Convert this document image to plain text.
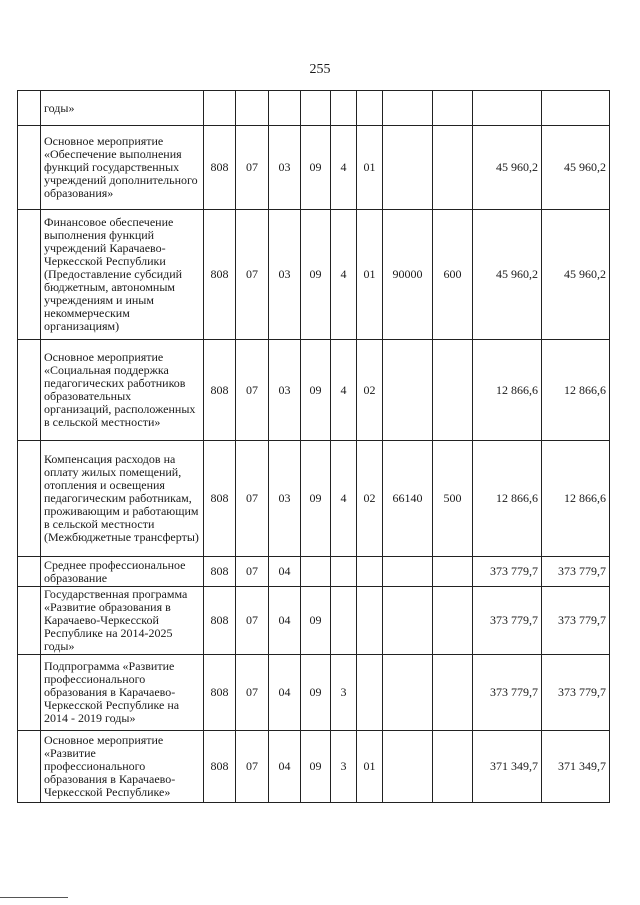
255
	годы»										
	Основное мероприятие «Обеспечение выполнения функций государственных учреждений дополнительного образования»	808	07	03	09	4	01			45 960,2	45 960,2
	Финансовое обеспечение выполнения функций учреждений Карачаево-Черкесской Республики (Предоставление субсидий бюджетным, автономным учреждениям и иным некоммерческим организациям)	808	07	03	09	4	01	90000	600	45 960,2	45 960,2
	Основное мероприятие «Социальная поддержка педагогических работников образовательных организаций, расположенных в сельской местности»	808	07	03	09	4	02			12 866,6	12 866,6
	Компенсация расходов на оплату жилых помещений, отопления и освещения педагогическим работникам, проживающим и работающим в сельской местности (Межбюджетные трансферты)	808	07	03	09	4	02	66140	500	12 866,6	12 866,6
	Среднее профессиональное образование	808	07	04						373 779,7	373 779,7
	Государственная программа «Развитие образования в Карачаево-Черкесской Республике на 2014-2025 годы»	808	07	04	09					373 779,7	373 779,7
	Подпрограмма «Развитие профессионального образования в Карачаево-Черкесской Республике на 2014 - 2019 годы»	808	07	04	09	3				373 779,7	373 779,7
	Основное мероприятие «Развитие профессионального образования в Карачаево-Черкесской Республике»	808	07	04	09	3	01			371 349,7	371 349,7
